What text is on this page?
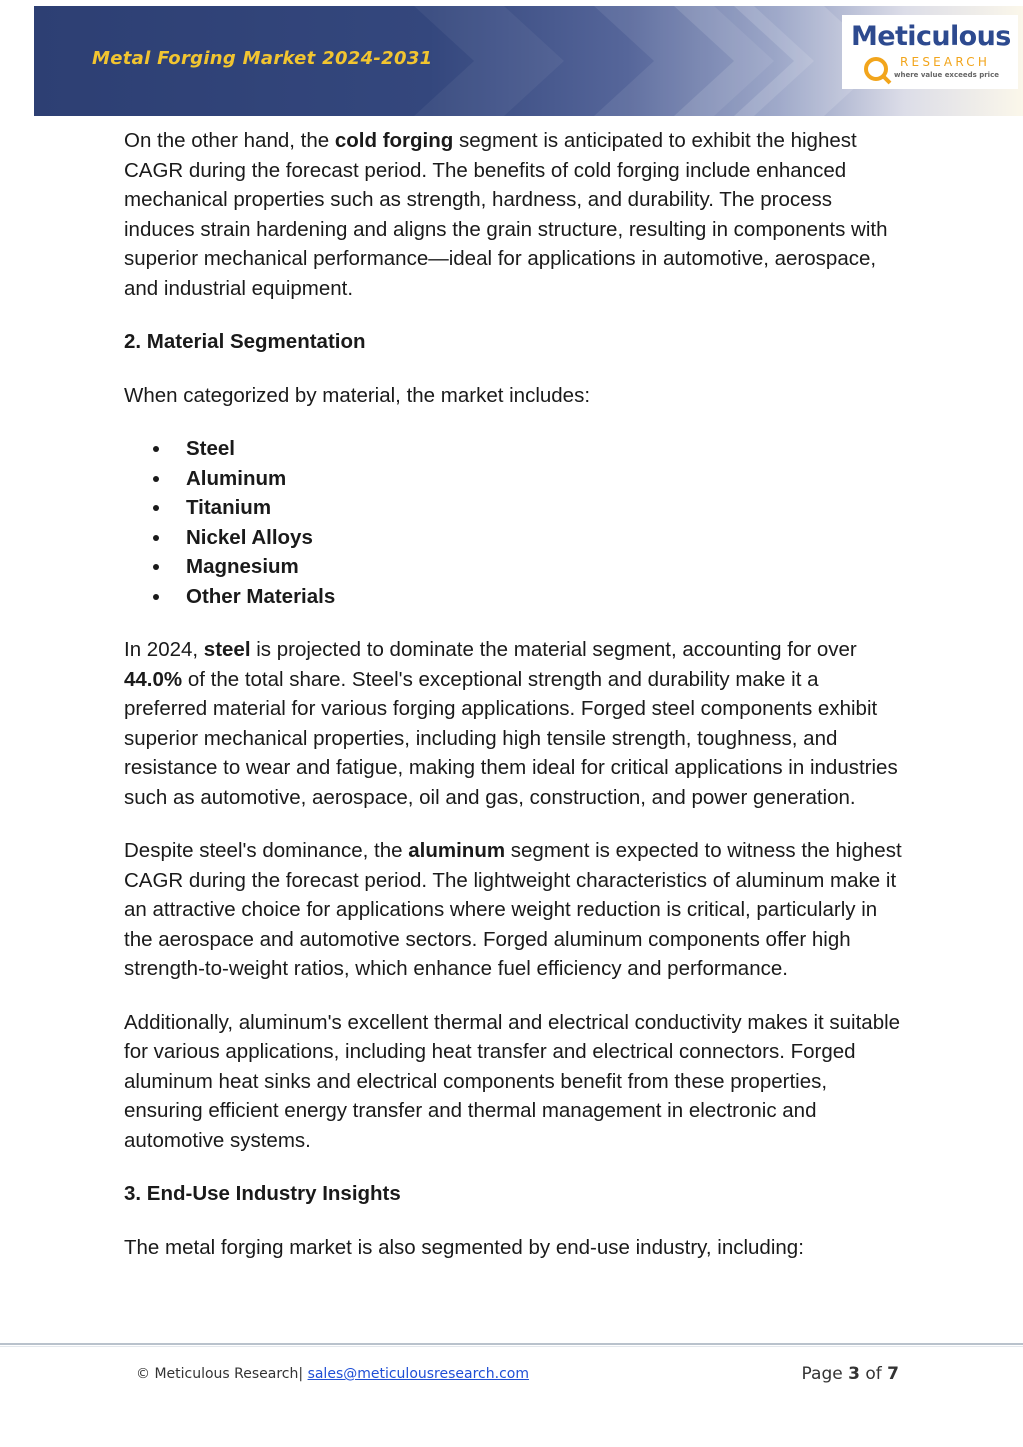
Metal Forging Market 2024-2031
Meticulous
RESEARCH
where value exceeds price

On the other hand, the cold forging segment is anticipated to exhibit the highest CAGR during the forecast period. The benefits of cold forging include enhanced mechanical properties such as strength, hardness, and durability. The process induces strain hardening and aligns the grain structure, resulting in components with superior mechanical performance—ideal for applications in automotive, aerospace, and industrial equipment.

2. Material Segmentation

When categorized by material, the market includes:

Steel
Aluminum
Titanium
Nickel Alloys
Magnesium
Other Materials

In 2024, steel is projected to dominate the material segment, accounting for over 44.0% of the total share. Steel's exceptional strength and durability make it a preferred material for various forging applications. Forged steel components exhibit superior mechanical properties, including high tensile strength, toughness, and resistance to wear and fatigue, making them ideal for critical applications in industries such as automotive, aerospace, oil and gas, construction, and power generation.

Despite steel's dominance, the aluminum segment is expected to witness the highest CAGR during the forecast period. The lightweight characteristics of aluminum make it an attractive choice for applications where weight reduction is critical, particularly in the aerospace and automotive sectors. Forged aluminum components offer high strength-to-weight ratios, which enhance fuel efficiency and performance.

Additionally, aluminum's excellent thermal and electrical conductivity makes it suitable for various applications, including heat transfer and electrical connectors. Forged aluminum heat sinks and electrical components benefit from these properties, ensuring efficient energy transfer and thermal management in electronic and automotive systems.

3. End-Use Industry Insights

The metal forging market is also segmented by end-use industry, including:

© Meticulous Research| sales@meticulousresearch.com	Page 3 of 7
